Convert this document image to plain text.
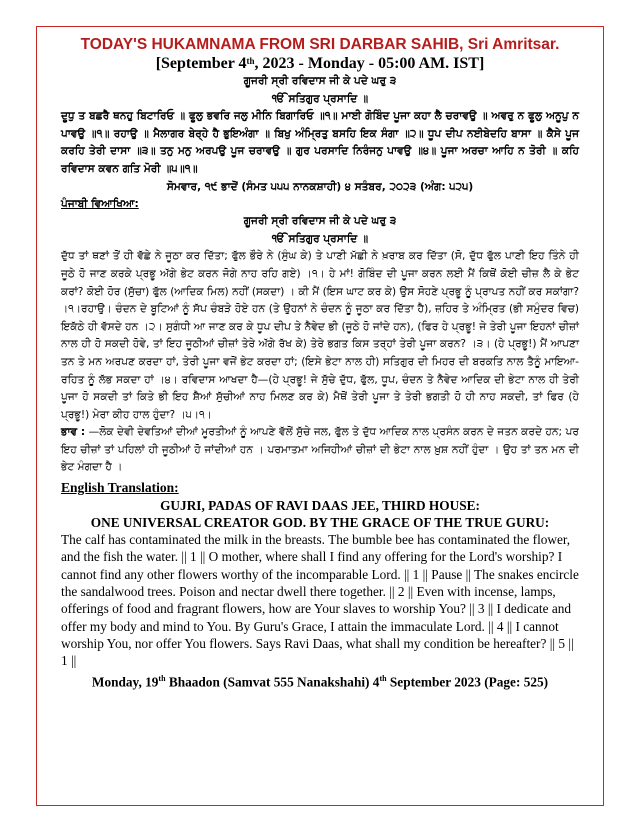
TODAY'S HUKAMNAMA FROM SRI DARBAR SAHIB, Sri Amritsar.
[September 4th, 2023 - Monday - 05:00 AM. IST]

ਗੂਜਰੀ ਸ੍ਰੀ ਰਵਿਦਾਸ ਜੀ ਕੇ ਪਦੇ ਘਰੁ ੩

ੴ ਸਤਿਗੁਰ ਪ੍ਰਸਾਦਿ ॥

ਦੂਧੁ ਤ ਬਛਰੈ ਥਨਹੁ ਬਿਟਾਰਿਓ ॥ ਫੂਲੁ ਭਵਰਿ ਜਲੁ ਮੀਨਿ ਬਿਗਾਰਿਓ ॥੧॥ ਮਾਈ ਗੋਬਿੰਦ ਪੂਜਾ ਕਹਾ ਲੈ ਚਰਾਵਉ ॥ ਅਵਰੁ ਨ ਫੂਲੁ ਅਨੂਪੁ ਨ ਪਾਵਉ ॥੧॥ ਰਹਾਉ ॥ ਮੈਲਾਗਰ ਬੇਰ੍ਹੇ ਹੈ ਭੁਇਅੰਗਾ ॥ ਬਿਖੁ ਅੰਮ੍ਰਿਤੁ ਬਸਹਿ ਇਕ ਸੰਗਾ ॥੨॥ ਧੂਪ ਦੀਪ ਨਈਬੇਦਹਿ ਬਾਸਾ ॥ ਕੈਸੇ ਪੂਜ ਕਰਹਿ ਤੇਰੀ ਦਾਸਾ ॥੩॥ ਤਨੁ ਮਨੁ ਅਰਪਉ ਪੂਜ ਚਰਾਵਉ ॥ ਗੁਰ ਪਰਸਾਦਿ ਨਿਰੰਜਨੁ ਪਾਵਉ ॥੪॥ ਪੂਜਾ ਅਰਚਾ ਆਹਿ ਨ ਤੋਰੀ ॥ ਕਹਿ ਰਵਿਦਾਸ ਕਵਨ ਗਤਿ ਮੋਰੀ ॥੫॥੧॥

ਸੋਮਵਾਰ, ੧੯ ਭਾਦੋਂ (ਸੰਮਤ ੫੫੫ ਨਾਨਕਸ਼ਾਹੀ) ੪ ਸਤੰਬਰ, ੨੦੨੩ (ਅੰਗ: ੫੨੫)

ਪੰਜਾਬੀ ਵਿਆਖਿਆ:

ਗੂਜਰੀ ਸ੍ਰੀ ਰਵਿਦਾਸ ਜੀ ਕੇ ਪਦੇ ਘਰੁ ੩

ੴ ਸਤਿਗੁਰ ਪ੍ਰਸਾਦਿ ॥

ਦੁੱਧ ਤਾਂ ਥਣਾਂ ਤੋਂ ਹੀ ਵੱਛੇ ਨੇ ਜੂਠਾ ਕਰ ਦਿੱਤਾ; ਫੁੱਲ ਭੌਰੇ ਨੇ (ਸੁੰਘ ਕੇ) ਤੇ ਪਾਣੀ ਮੱਛੀ ਨੇ ਖ਼ਰਾਬ ਕਰ ਦਿੱਤਾ (ਸੋ, ਦੁੱਧ ਫੁੱਲ ਪਾਣੀ ਇਹ ਤਿੰਨੇ ਹੀ ਜੂਠੇ ਹੋ ਜਾਣ ਕਰਕੇ ਪ੍ਰਭੂ ਅੱਗੇ ਭੇਟ ਕਰਨ ਜੋਗੇ ਨਾਹ ਰਹਿ ਗਏ) ।੧। ਹੇ ਮਾਂ! ਗੋਬਿੰਦ ਦੀ ਪੂਜਾ ਕਰਨ ਲਈ ਮੈਂ ਕਿਥੋਂ ਕੋਈ ਚੀਜ਼ ਲੈ ਕੇ ਭੇਟ ਕਰਾਂ? ਕੋਈ ਹੋਰ (ਸੁੱਚਾ) ਫੁੱਲ (ਆਦਿਕ ਮਿਲ) ਨਹੀਂ (ਸਕਦਾ) । ਕੀ ਮੈਂ (ਇਸ ਘਾਟ ਕਰ ਕੇ) ਉਸ ਸੋਹਣੇ ਪ੍ਰਭੂ ਨੂੰ ਪ੍ਰਾਪਤ ਨਹੀਂ ਕਰ ਸਕਾਂਗਾ? ।੧।ਰਹਾਉ। ਚੰਦਨ ਦੇ ਬੂਟਿਆਂ ਨੂੰ ਸੱਪ ਚੰਬੜੇ ਹੋਏ ਹਨ (ਤੇ ਉਹਨਾਂ ਨੇ ਚੰਦਨ ਨੂੰ ਜੂਠਾ ਕਰ ਦਿੱਤਾ ਹੈ), ਜ਼ਹਿਰ ਤੇ ਅੰਮ੍ਰਿਤ (ਭੀ ਸਮੁੰਦਰ ਵਿਚ) ਇਕੱਠੇ ਹੀ ਵੱਸਦੇ ਹਨ ।੨। ਸੁਗੰਧੀ ਆ ਜਾਣ ਕਰ ਕੇ ਧੂਪ ਦੀਪ ਤੇ ਨੈਵੇਦ ਭੀ (ਜੂਠੇ ਹੋ ਜਾਂਦੇ ਹਨ), (ਫਿਰ ਹੇ ਪ੍ਰਭੂ! ਜੇ ਤੇਰੀ ਪੂਜਾ ਇਹਨਾਂ ਚੀਜ਼ਾਂ ਨਾਲ ਹੀ ਹੋ ਸਕਦੀ ਹੋਵੇ, ਤਾਂ ਇਹ ਜੂਠੀਆਂ ਚੀਜ਼ਾਂ ਤੇਰੇ ਅੱਗੇ ਰੱਖ ਕੇ) ਤੇਰੇ ਭਗਤ ਕਿਸ ਤਰ੍ਹਾਂ ਤੇਰੀ ਪੂਜਾ ਕਰਨ? ।੩। (ਹੇ ਪ੍ਰਭੂ!) ਮੈਂ ਆਪਣਾ ਤਨ ਤੇ ਮਨ ਅਰਪਣ ਕਰਦਾ ਹਾਂ, ਤੇਰੀ ਪੂਜਾ ਵਜੋਂ ਭੇਟ ਕਰਦਾ ਹਾਂ; (ਇਸੇ ਭੇਟਾ ਨਾਲ ਹੀ) ਸਤਿਗੁਰ ਦੀ ਮਿਹਰ ਦੀ ਬਰਕਤਿ ਨਾਲ ਤੈਨੂੰ ਮਾਇਆ-ਰਹਿਤ ਨੂੰ ਲੱਭ ਸਕਦਾ ਹਾਂ ।੪। ਰਵਿਦਾਸ ਆਖਦਾ ਹੈ—(ਹੇ ਪ੍ਰਭੂ! ਜੇ ਸੁੱਚੇ ਦੁੱਧ, ਫੁੱਲ, ਧੂਪ, ਚੰਦਨ ਤੇ ਨੈਵੇਦ ਆਦਿਕ ਦੀ ਭੇਟਾ ਨਾਲ ਹੀ ਤੇਰੀ ਪੂਜਾ ਹੋ ਸਕਦੀ ਤਾਂ ਕਿਤੇ ਭੀ ਇਹ ਸ਼ੈਆਂ ਸੁੱਚੀਆਂ ਨਾਹ ਮਿਲਣ ਕਰ ਕੇ) ਮੈਥੋਂ ਤੇਰੀ ਪੂਜਾ ਤੇ ਤੇਰੀ ਭਗਤੀ ਹੋ ਹੀ ਨਾਹ ਸਕਦੀ, ਤਾਂ ਫਿਰ (ਹੇ ਪ੍ਰਭੂ!) ਮੇਰਾ ਕੀਹ ਹਾਲ ਹੁੰਦਾ? ।੫।੧।

ਭਾਵ : —ਲੋਕ ਦੇਵੀ ਦੇਵਤਿਆਂ ਦੀਆਂ ਮੂਰਤੀਆਂ ਨੂੰ ਆਪਣੇ ਵੱਲੋਂ ਸੁੱਚੇ ਜਲ, ਫੁੱਲ ਤੇ ਦੁੱਧ ਆਦਿਕ ਨਾਲ ਪ੍ਰਸੰਨ ਕਰਨ ਦੇ ਜਤਨ ਕਰਦੇ ਹਨ; ਪਰ ਇਹ ਚੀਜ਼ਾਂ ਤਾਂ ਪਹਿਲਾਂ ਹੀ ਜੂਠੀਆਂ ਹੋ ਜਾਂਦੀਆਂ ਹਨ । ਪਰਮਾਤਮਾ ਅਜਿਹੀਆਂ ਚੀਜ਼ਾਂ ਦੀ ਭੇਟਾ ਨਾਲ ਖ਼ੁਸ਼ ਨਹੀਂ ਹੁੰਦਾ । ਉਹ ਤਾਂ ਤਨ ਮਨ ਦੀ ਭੇਟ ਮੰਗਦਾ ਹੈ ।

English Translation:
GUJRI, PADAS OF RAVI DAAS JEE, THIRD HOUSE:
ONE UNIVERSAL CREATOR GOD. BY THE GRACE OF THE TRUE GURU:

The calf has contaminated the milk in the breasts. The bumble bee has contaminated the flower, and the fish the water. || 1 || O mother, where shall I find any offering for the Lord's worship? I cannot find any other flowers worthy of the incomparable Lord. || 1 || Pause || The snakes encircle the sandalwood trees. Poison and nectar dwell there together. || 2 || Even with incense, lamps, offerings of food and fragrant flowers, how are Your slaves to worship You? || 3 || I dedicate and offer my body and mind to You. By Guru's Grace, I attain the immaculate Lord. || 4 || I cannot worship You, nor offer You flowers. Says Ravi Daas, what shall my condition be hereafter? || 5 || 1 ||

Monday, 19th Bhaadon (Samvat 555 Nanakshahi) 4th September 2023 (Page: 525)
